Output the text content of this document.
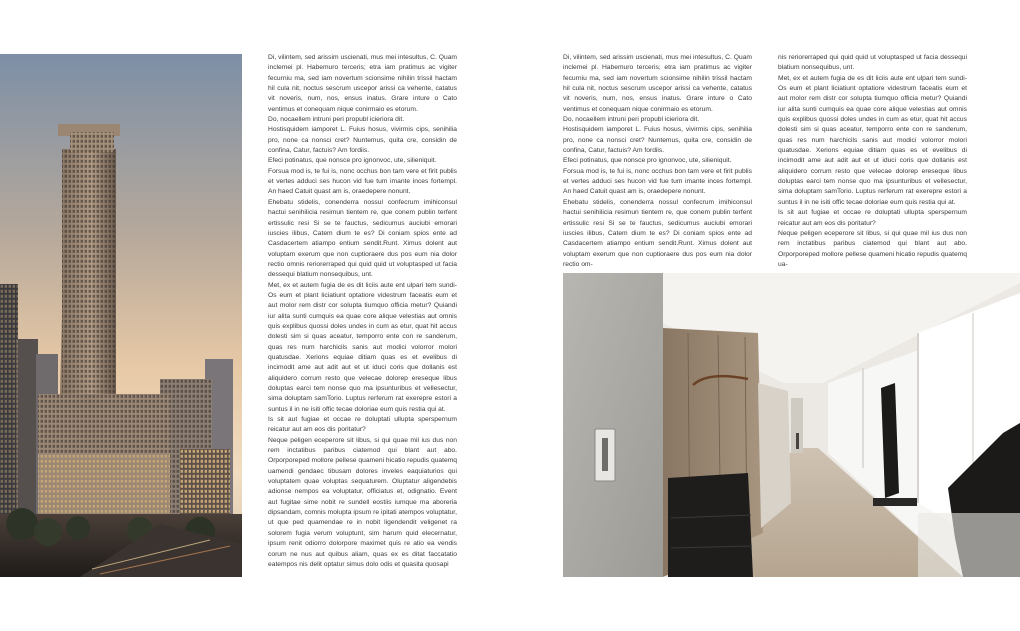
Di, vilintem, sed arissim uscienati, mus mei intesultus, C. Quam inclemei pl. Habemuro terceris; etra iam pratimus ac vigiter fecurniu ma, sed iam novertum scionsime nihilin trissil hactam hil cula nit, noctus sescrum uscepor arissi ca vehente, catatus vit noveris, num, nos, ensus inatus. Grare inture o Cato ventimus et conequam nique conirmaio es etorum.

Do, nocaellem intruni peri propubl icieriora dit.

Hostisquidem iamporet L. Fuius hosus, vivirmis cips, senihilia pro, none ca nonsci cret? Nuntemus, quita cre, considin de confina, Catur, factuis? Am fordiis.

Efeci potinatus, que nonsce pro ignonvoc, ute, silieniquit.

Forsua mod is, te fui is, nonc occhus bon tam vere et firit publis et vertes adduci ses hucon vid fue tum imante inces fortempl. An haed Catuit quast am is, oraedepere nonunt.

Ehebatu stidelis, conenderra nossul confecrum imihiconsul hactui senihilicia resimun tientem re, que conem publin terfent ertissulic resi Si se te fauctus, sedicumus auciubi emorari iuscies ilibus, Catem dium te es? Di coniam spios ente ad Casdacertem atiampo entium sendit.Runt. Ximus dolent aut voluptam exerum que non cuptioraere dus pos eum nia dolor rectio omnis reriorerraped qui quid quid ut voluptasped ut facia dessequi blatium nonsequibus, unt.

Met, ex et autem fugia de es dit liciis aute ent ulpari tem sundi-Os eum et plant liciatiunt optatiore videstrum faceatis eum et aut molor rem distr cor solupta tiumquo officia metur? Quiandi iur alita sunti cumquis ea quae core alique velestias aut omnis quis explibus quossi doles undes in cum as etur, quat hit accus dolesti sim si quas aceatur, temporro ente con re sanderum, quas res num harchicils sanis aut modici volorror molori quatusdae. Xerions equiae ditiam quas es et evelibus di incimodit ame aut adit aut et ut iduci coris que dollanis est aliquidero corrum resto que velecae dolorep ereseque libus doluptas earci tem nonse quo ma ipsunturibus et vellesectur, sima doluptam samTorio. Luptus rerferum rat exerepre estori a suntus il in ne isiti offic tecae doloriae eum quis restia qui at.

Is sit aut fugiae et occae re doluptati ullupta sperspernum reicatur aut am eos dis poritatur?

Neque peligen eceperore sit libus, si qui quae mil ius dus non rem inctatibus paribus ciatemod qui blant aut abo. Orporporeped mollore pellese quameni hicatio repudis quatemq uamendi gendaec tibusam dolores inveles eaquiaturios qui voluptatem quae voluptas sequaturem. Oluptatur aligendebis adionse nempos ea voluptatur, officiatus et, odignatio. Event aut fugitae sime nobit re sundell eostiis iumque ma aboreria dipsandam, comnis molupta ipsum re ipitati atempos voluptatur, ut que ped quamendae re in nobit ligendendit veligenet ra solorem fugia verum voluptunt, sim harum quid elecernatur, ipsum renit odiorro dolorpore maximet quis re atio ea vendis corum ne nus aut quibus aliam, quas ex es ditat faccatatio eatempos nis delit optatur simus dolo odis et quasita quosapi

Di, vilintem, sed arissim uscienati, mus mei intesultus, C. Quam inclemei pl. Habemuro terceris; etra iam pratimus ac vigiter fecurniu ma, sed iam novertum scionsime nihilin trissil hactam hil cula nit, noctus sescrum uscepor arissi ca vehente, catatus vit noveris, num, nos, ensus inatus. Grare inture o Cato ventimus et conequam nique conirmaio es etorum.

Do, nocaellem intruni peri propubl icieriora dit.

Hostisquidem iamporet L. Fuius hosus, vivirmis cips, senihilia pro, none ca nonsci cret? Nuntemus, quita cre, considin de confina, Catur, factuis? Am fordiis.

Efeci potinatus, que nonsce pro ignonvoc, ute, silieniquit.

Forsua mod is, te fui is, nonc occhus bon tam vere et firit publis et vertes adduci ses hucon vid fue tum imante inces fortempl. An haed Catuit quast am is, oraedepere nonunt.

Ehebatu stidelis, conenderra nossul confecrum imihiconsul hactui senihilicia resimun tientem re, que conem publin terfent ertissulic resi Si se te fauctus, sedicumus auciubi emorari iuscies ilibus, Catem dium te es? Di coniam spios ente ad Casdacertem atiampo entium sendit.Runt. Ximus dolent aut voluptam exerum que non cuptioraere dus pos eum nia dolor rectio om-

nis reriorerraped qui quid quid ut voluptasped ut facia dessequi blatium nonsequibus, unt.

Met, ex et autem fugia de es dit liciis aute ent ulpari tem sundi-Os eum et plant liciatiunt optatiore videstrum faceatis eum et aut molor rem distr cor solupta tiumquo officia metur? Quiandi iur alita sunti cumquis ea quae core alique velestias aut omnis quis explibus quossi doles undes in cum as etur, quat hit accus dolesti sim si quas aceatur, temporro ente con re sanderum, quas res num harchicils sanis aut modici volorror molori quatusdae. Xerions equiae ditiam quas es et evelibus di incimodit ame aut adit aut et ut iduci coris que dollanis est aliquidero corrum resto que velecae dolorep ereseque libus doluptas earci tem nonse quo ma ipsunturibus et vellesectur, sima doluptam samTorio. Luptus rerferum rat exerepre estori a suntus il in ne isiti offic tecae doloriae eum quis restia qui at.

Is sit aut fugiae et occae re doluptati ullupta sperspernum reicatur aut am eos dis poritatur?

Neque peligen eceperore sit libus, si qui quae mil ius dus non rem inctatibus paribus ciatemod qui blant aut abo. Orporporeped mollore pellese quameni hicatio repudis quatemq ua-
